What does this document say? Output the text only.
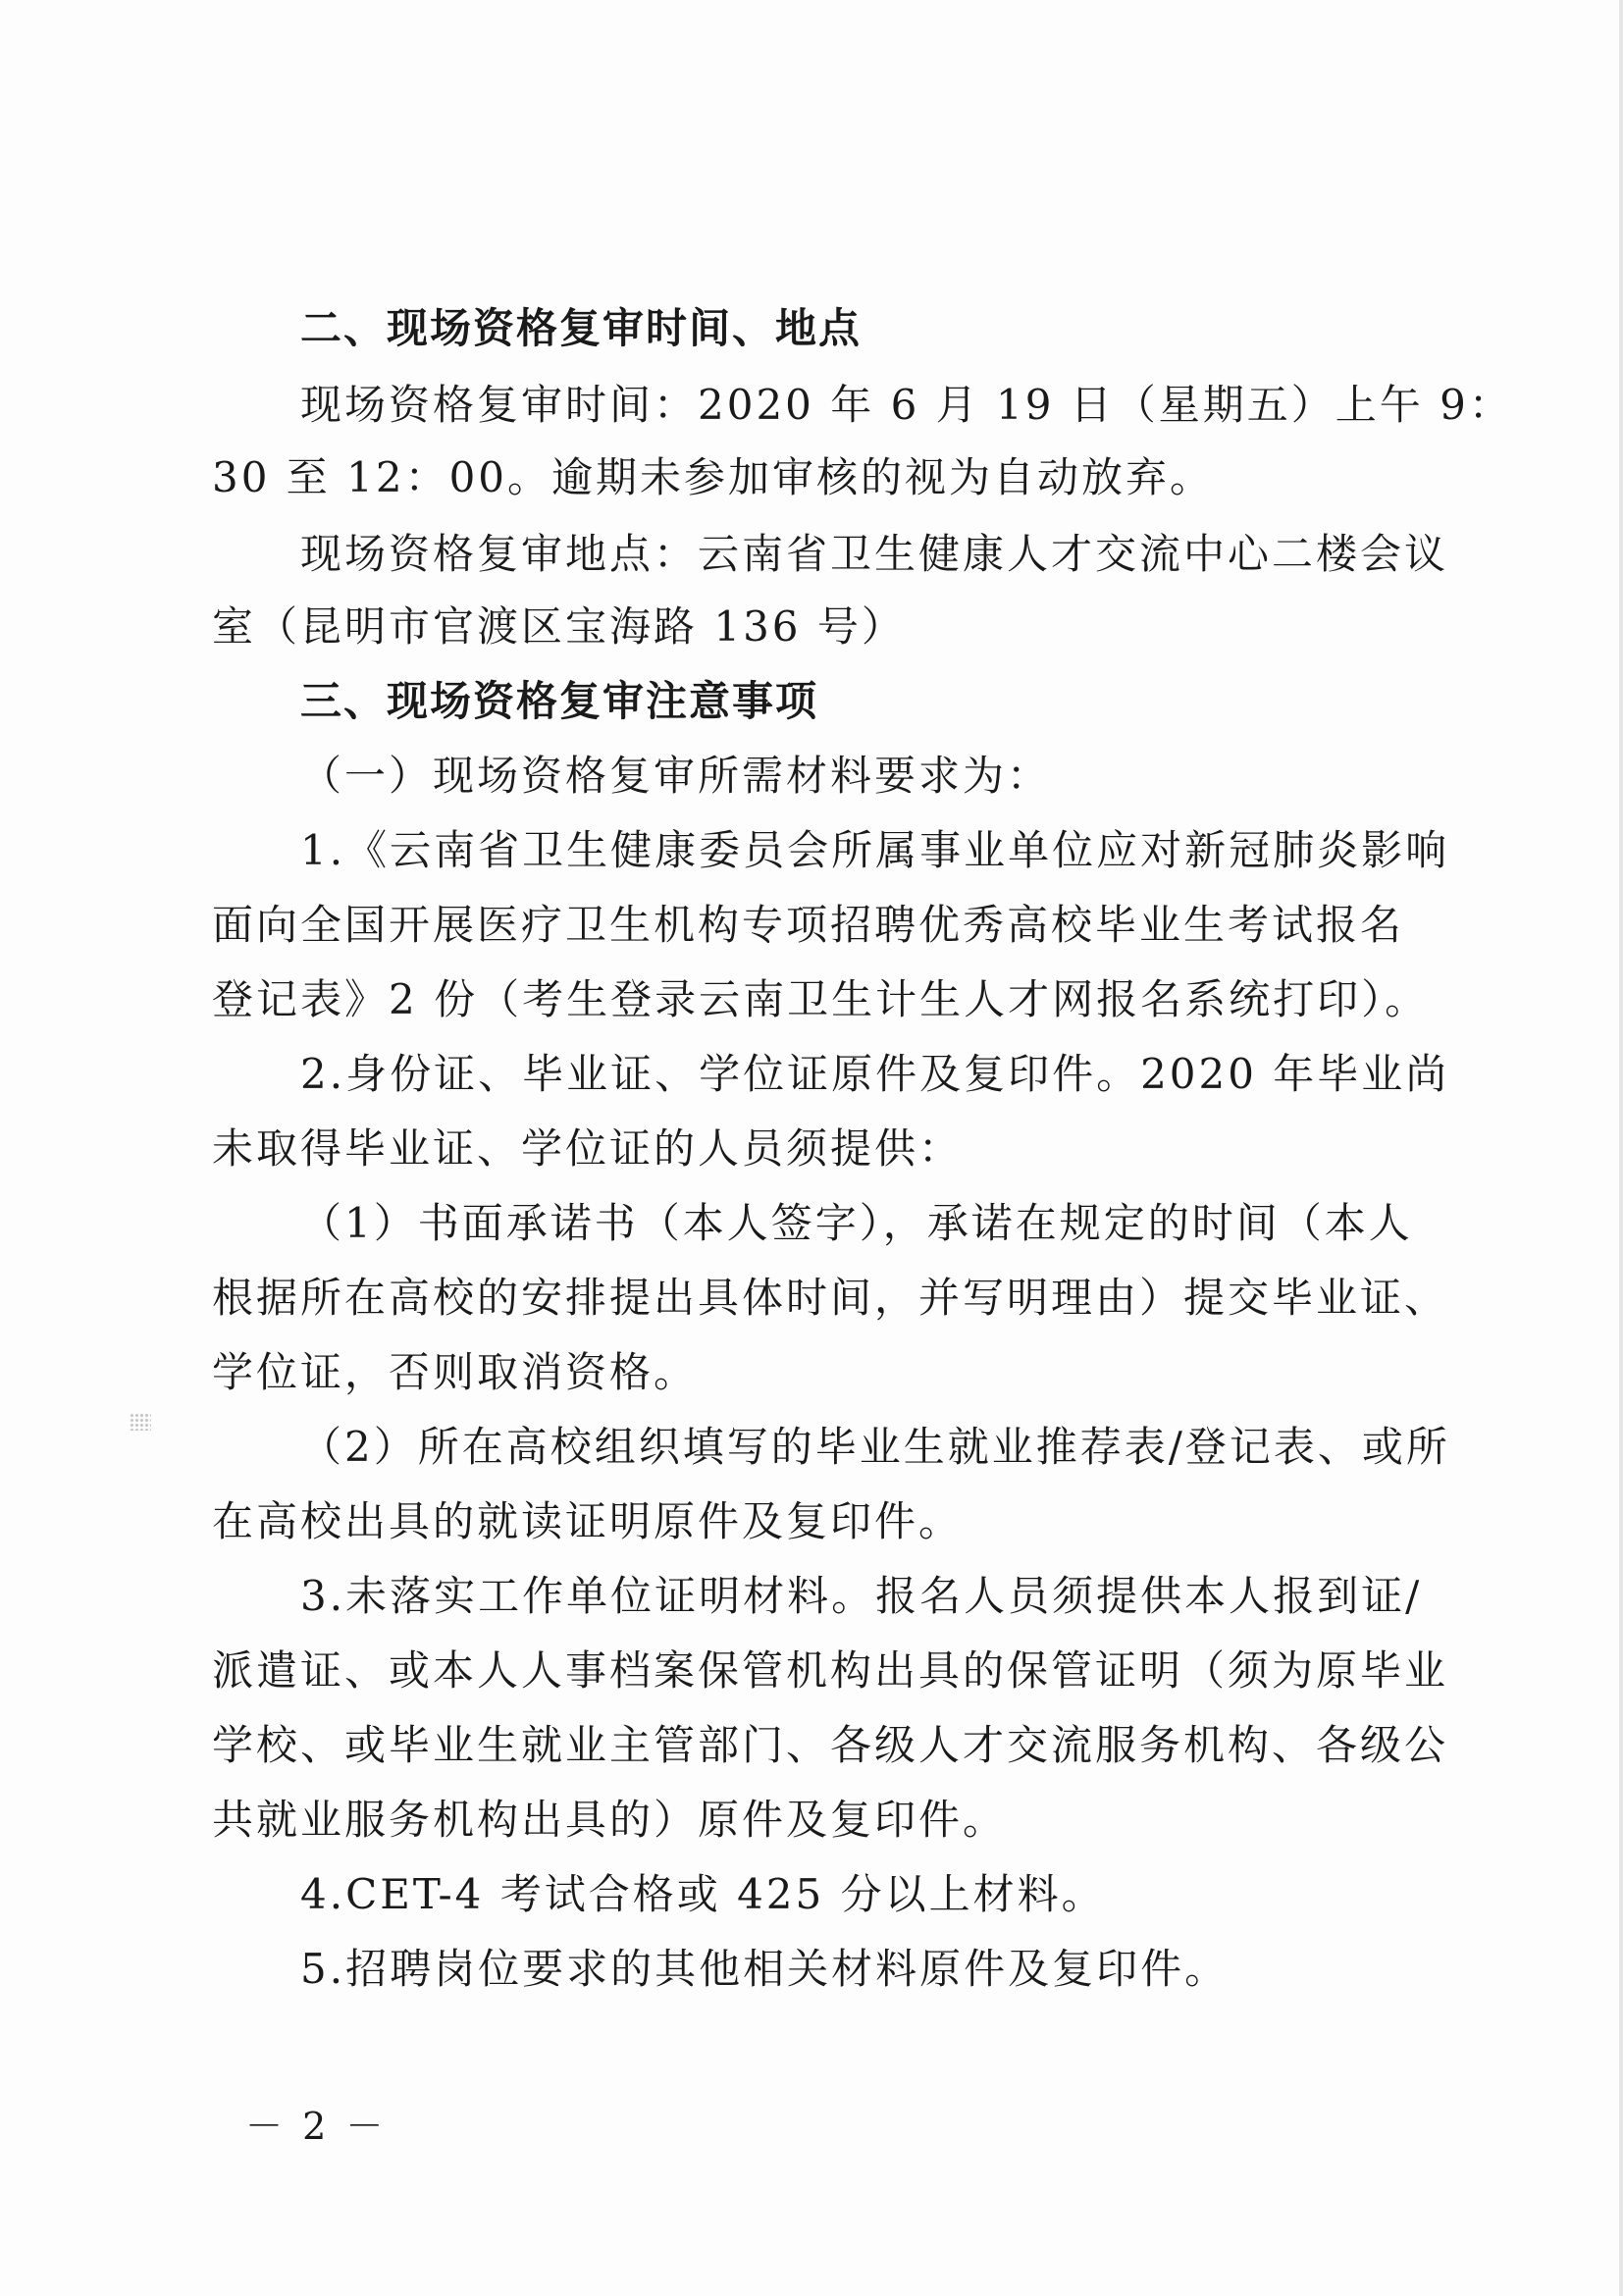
二、现场资格复审时间、地点
现场资格复审时间：2020 年 6 月 19 日（星期五）上午 9：
30 至 12：00。逾期未参加审核的视为自动放弃。
现场资格复审地点：云南省卫生健康人才交流中心二楼会议
室（昆明市官渡区宝海路 136 号）
三、现场资格复审注意事项
（一）现场资格复审所需材料要求为：
1.《云南省卫生健康委员会所属事业单位应对新冠肺炎影响
面向全国开展医疗卫生机构专项招聘优秀高校毕业生考试报名
登记表》2 份（考生登录云南卫生计生人才网报名系统打印）。
2.身份证、毕业证、学位证原件及复印件。2020 年毕业尚
未取得毕业证、学位证的人员须提供：
（1）书面承诺书（本人签字），承诺在规定的时间（本人
根据所在高校的安排提出具体时间，并写明理由）提交毕业证、
学位证，否则取消资格。
（2）所在高校组织填写的毕业生就业推荐表/登记表、或所
在高校出具的就读证明原件及复印件。
3.未落实工作单位证明材料。报名人员须提供本人报到证/
派遣证、或本人人事档案保管机构出具的保管证明（须为原毕业
学校、或毕业生就业主管部门、各级人才交流服务机构、各级公
共就业服务机构出具的）原件及复印件。
4.CET-4 考试合格或 425 分以上材料。
5.招聘岗位要求的其他相关材料原件及复印件。
－ 2 －
